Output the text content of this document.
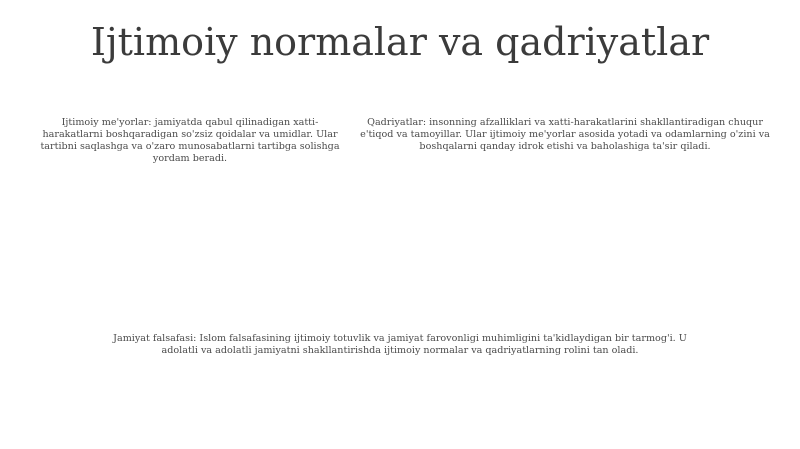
Ijtimoiy normalar va qadriyatlar

Ijtimoiy me'yorlar: jamiyatda qabul qilinadigan xatti-harakatlarni boshqaradigan so'zsiz qoidalar va umidlar. Ular tartibni saqlashga va o'zaro munosabatlarni tartibga solishga yordam beradi.

Qadriyatlar: insonning afzalliklari va xatti-harakatlarini shakllantiradigan chuqur e'tiqod va tamoyillar. Ular ijtimoiy me'yorlar asosida yotadi va odamlarning o'zini va boshqalarni qanday idrok etishi va baholashiga ta'sir qiladi.

Jamiyat falsafasi: Islom falsafasining ijtimoiy totuvlik va jamiyat farovonligi muhimligini ta'kidlaydigan bir tarmog'i. U adolatli va adolatli jamiyatni shakllantirishda ijtimoiy normalar va qadriyatlarning rolini tan oladi.
